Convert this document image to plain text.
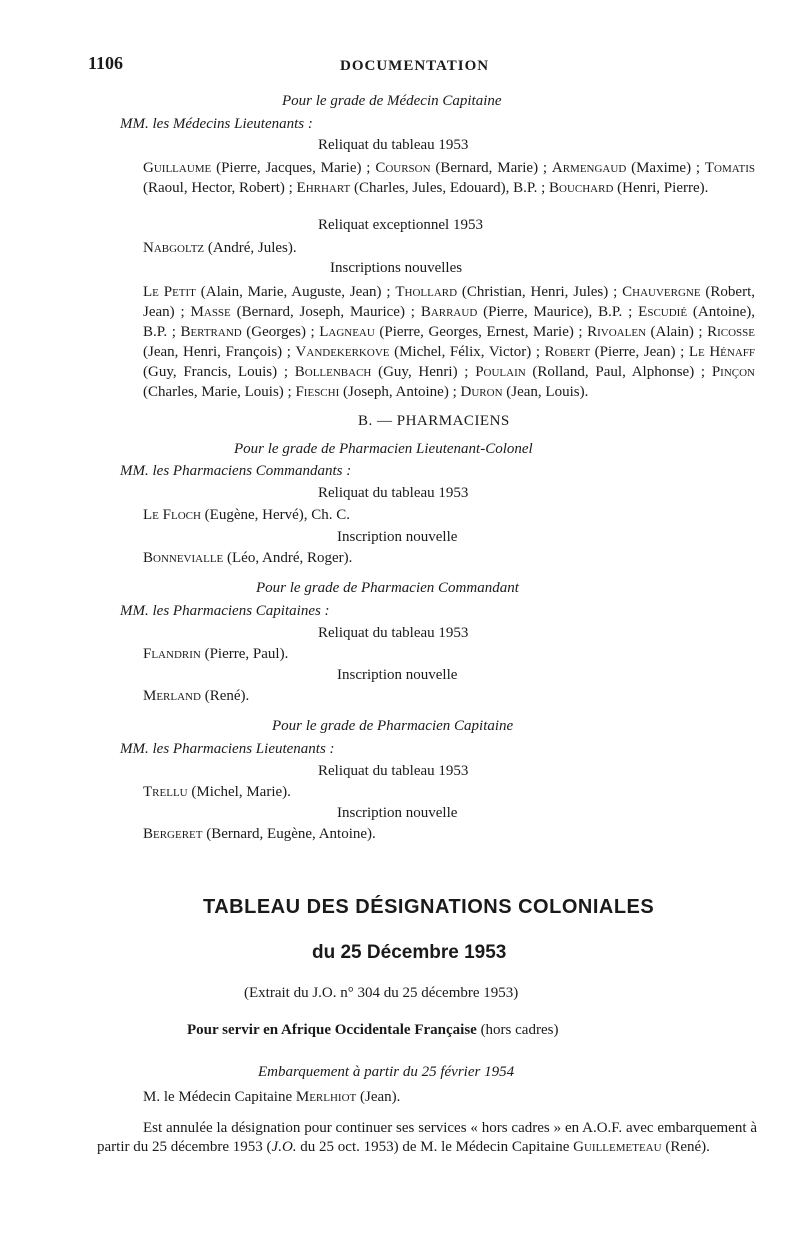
1106	DOCUMENTATION
Pour le grade de Médecin Capitaine
MM. les Médecins Lieutenants :
Reliquat du tableau 1953
Guillaume (Pierre, Jacques, Marie) ; Courson (Bernard, Marie) ; Armengaud (Maxime) ; Tomatis (Raoul, Hector, Robert) ; Ehrhart (Charles, Jules, Edouard), B.P. ; Bouchard (Henri, Pierre).
Reliquat exceptionnel 1953
Nabgoltz (André, Jules).
Inscriptions nouvelles
Le Petit (Alain, Marie, Auguste, Jean) ; Thollard (Christian, Henri, Jules) ; Chauvergne (Robert, Jean) ; Masse (Bernard, Joseph, Maurice) ; Barraud (Pierre, Maurice), B.P. ; Escudié (Antoine), B.P. ; Bertrand (Georges) ; Lagneau (Pierre, Georges, Ernest, Marie) ; Rivoalen (Alain) ; Ricosse (Jean, Henri, François) ; Vandekerkove (Michel, Félix, Victor) ; Robert (Pierre, Jean) ; Le Hénaff (Guy, Francis, Louis) ; Bollenbach (Guy, Henri) ; Poulain (Rolland, Paul, Alphonse) ; Pinçon (Charles, Marie, Louis) ; Fieschi (Joseph, Antoine) ; Duron (Jean, Louis).
B. — PHARMACIENS
Pour le grade de Pharmacien Lieutenant-Colonel
MM. les Pharmaciens Commandants :
Reliquat du tableau 1953
Le Floch (Eugène, Hervé), Ch. C.
Inscription nouvelle
Bonnevialle (Léo, André, Roger).
Pour le grade de Pharmacien Commandant
MM. les Pharmaciens Capitaines :
Reliquat du tableau 1953
Flandrin (Pierre, Paul).
Inscription nouvelle
Merland (René).
Pour le grade de Pharmacien Capitaine
MM. les Pharmaciens Lieutenants :
Reliquat du tableau 1953
Trellu (Michel, Marie).
Inscription nouvelle
Bergeret (Bernard, Eugène, Antoine).
TABLEAU DES DÉSIGNATIONS COLONIALES
du 25 Décembre 1953
(Extrait du J.O. n° 304 du 25 décembre 1953)
Pour servir en Afrique Occidentale Française (hors cadres)
Embarquement à partir du 25 février 1954
M. le Médecin Capitaine Merlhiot (Jean).
Est annulée la désignation pour continuer ses services « hors cadres » en A.O.F. avec embarquement à partir du 25 décembre 1953 (J.O. du 25 oct. 1953) de M. le Médecin Capitaine Guillemeteau (René).
